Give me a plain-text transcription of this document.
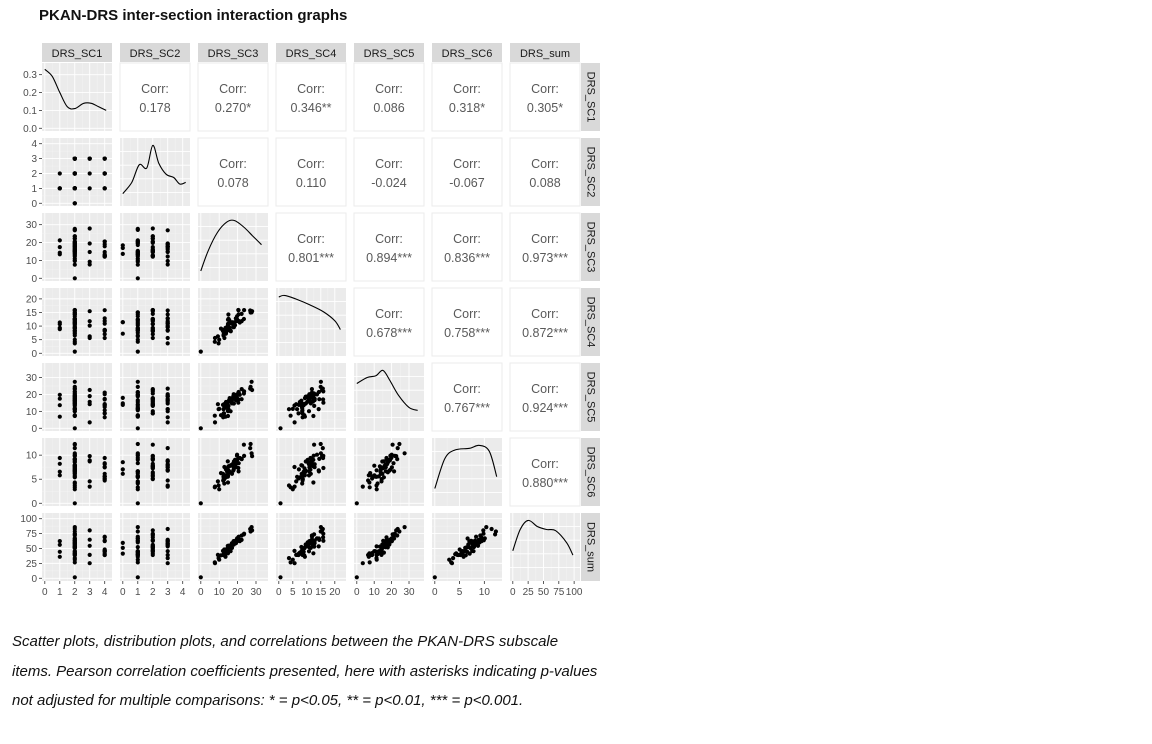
PKAN-DRS inter-section interaction graphs
Corr:
0.178
Corr:
0.270*
Corr:
0.346**
Corr:
0.086
Corr:
0.318*
Corr:
0.305*
Corr:
0.078
Corr:
0.110
Corr:
-0.024
Corr:
-0.067
Corr:
0.088
Corr:
0.801***
Corr:
0.894***
Corr:
0.836***
Corr:
0.973***
Corr:
0.678***
Corr:
0.758***
Corr:
0.872***
Corr:
0.767***
Corr:
0.924***
Corr:
0.880***
DRS_SC1 DRS_SC2 DRS_SC3 DRS_SC4 DRS_SC5 DRS_SC6	DRS_sum
DRS_SC1
DRS_SC2
DRS_SC3
DRS_SC4
DRS_SC5
DRS_SC6
DRS_sum
0.0
0.1
0.2
0.3
0
1
2
3
4
0
10
20
30
0
5
10
15
20
0
10
20
30
0
5
10
0
25
50
75
100
0 1 2 3 4 0 1 2 3 4 0 10 20 30 0 5 10 15 20 0 10 20 30 0 5 10 0 25 50 75 100
Scatter plots, distribution plots, and correlations between the PKAN-DRS subscale items. Pearson correlation coefficients presented, here with asterisks indicating p-values not adjusted for multiple comparisons: * = p<0.05, ** = p<0.01, *** = p<0.001.
